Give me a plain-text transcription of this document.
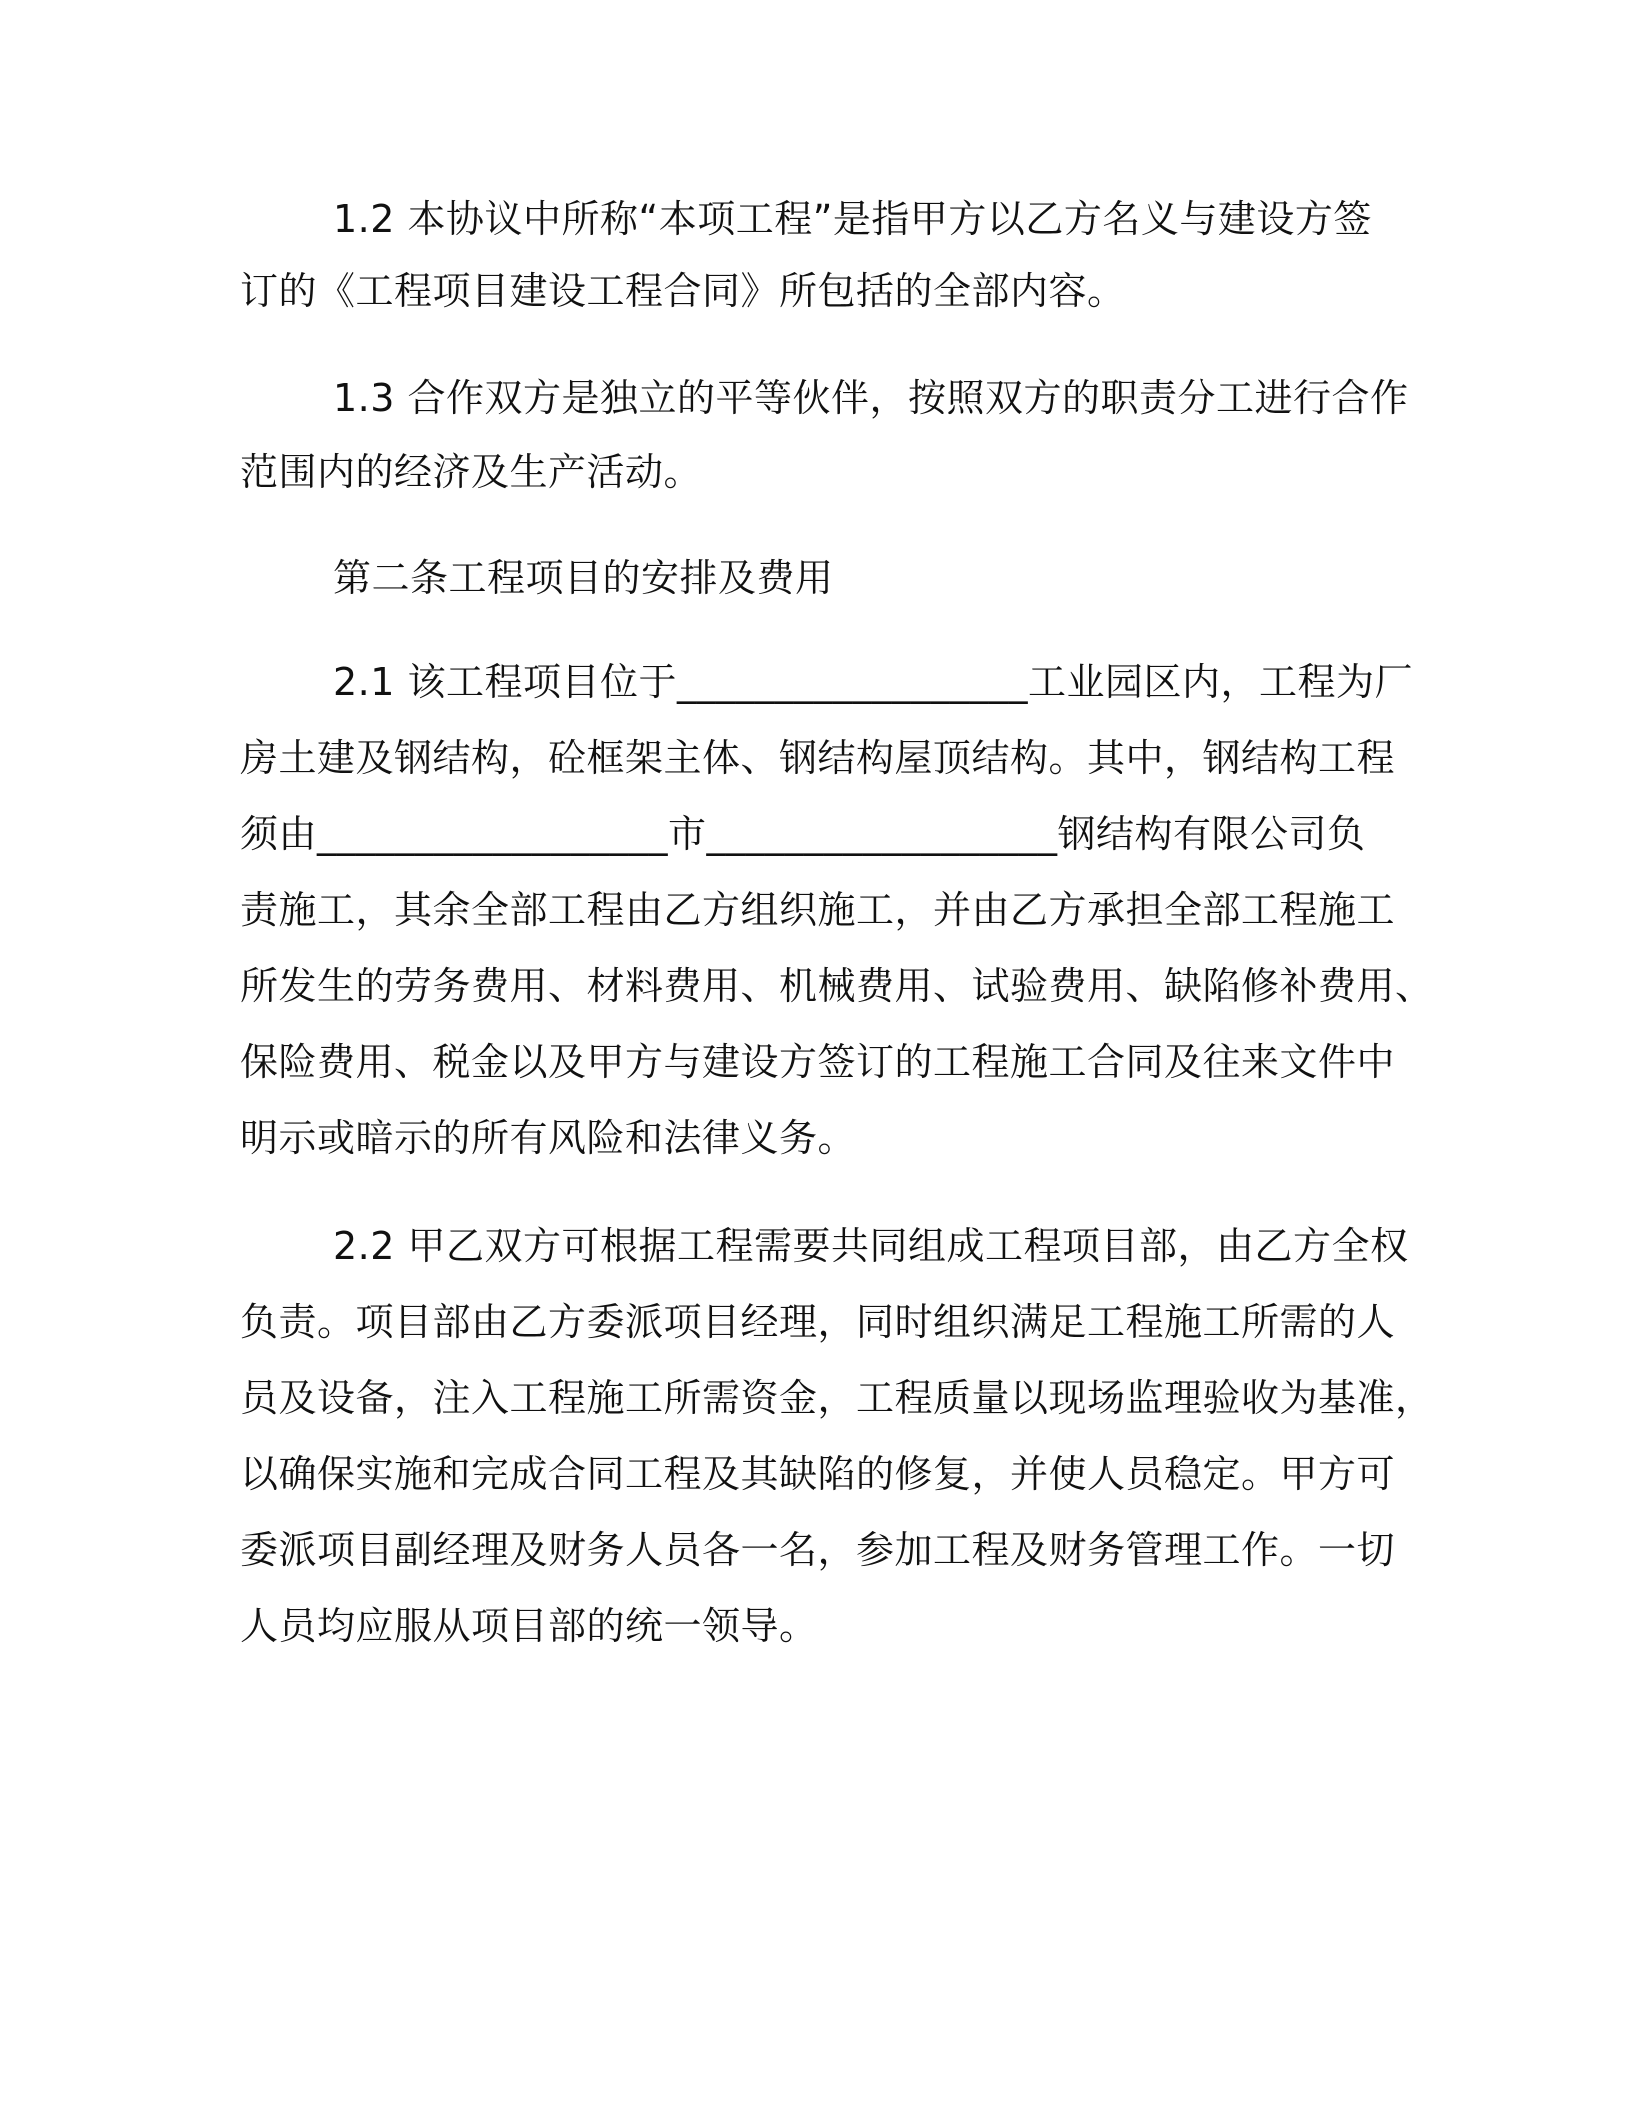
1.2 本协议中所称“本项工程”是指甲方以乙方名义与建设方签
订的《工程项目建设工程合同》所包括的全部内容。
1.3 合作双方是独立的平等伙伴，按照双方的职责分工进行合作
范围内的经济及生产活动。
第二条工程项目的安排及费用
2.1 该工程项目位于__________________工业园区内，工程为厂
房土建及钢结构，砼框架主体、钢结构屋顶结构。其中，钢结构工程
须由__________________市__________________钢结构有限公司负
责施工，其余全部工程由乙方组织施工，并由乙方承担全部工程施工
所发生的劳务费用、材料费用、机械费用、试验费用、缺陷修补费用、
保险费用、税金以及甲方与建设方签订的工程施工合同及往来文件中
明示或暗示的所有风险和法律义务。
2.2 甲乙双方可根据工程需要共同组成工程项目部，由乙方全权
负责。项目部由乙方委派项目经理，同时组织满足工程施工所需的人
员及设备，注入工程施工所需资金，工程质量以现场监理验收为基准，
以确保实施和完成合同工程及其缺陷的修复，并使人员稳定。甲方可
委派项目副经理及财务人员各一名，参加工程及财务管理工作。一切
人员均应服从项目部的统一领导。
